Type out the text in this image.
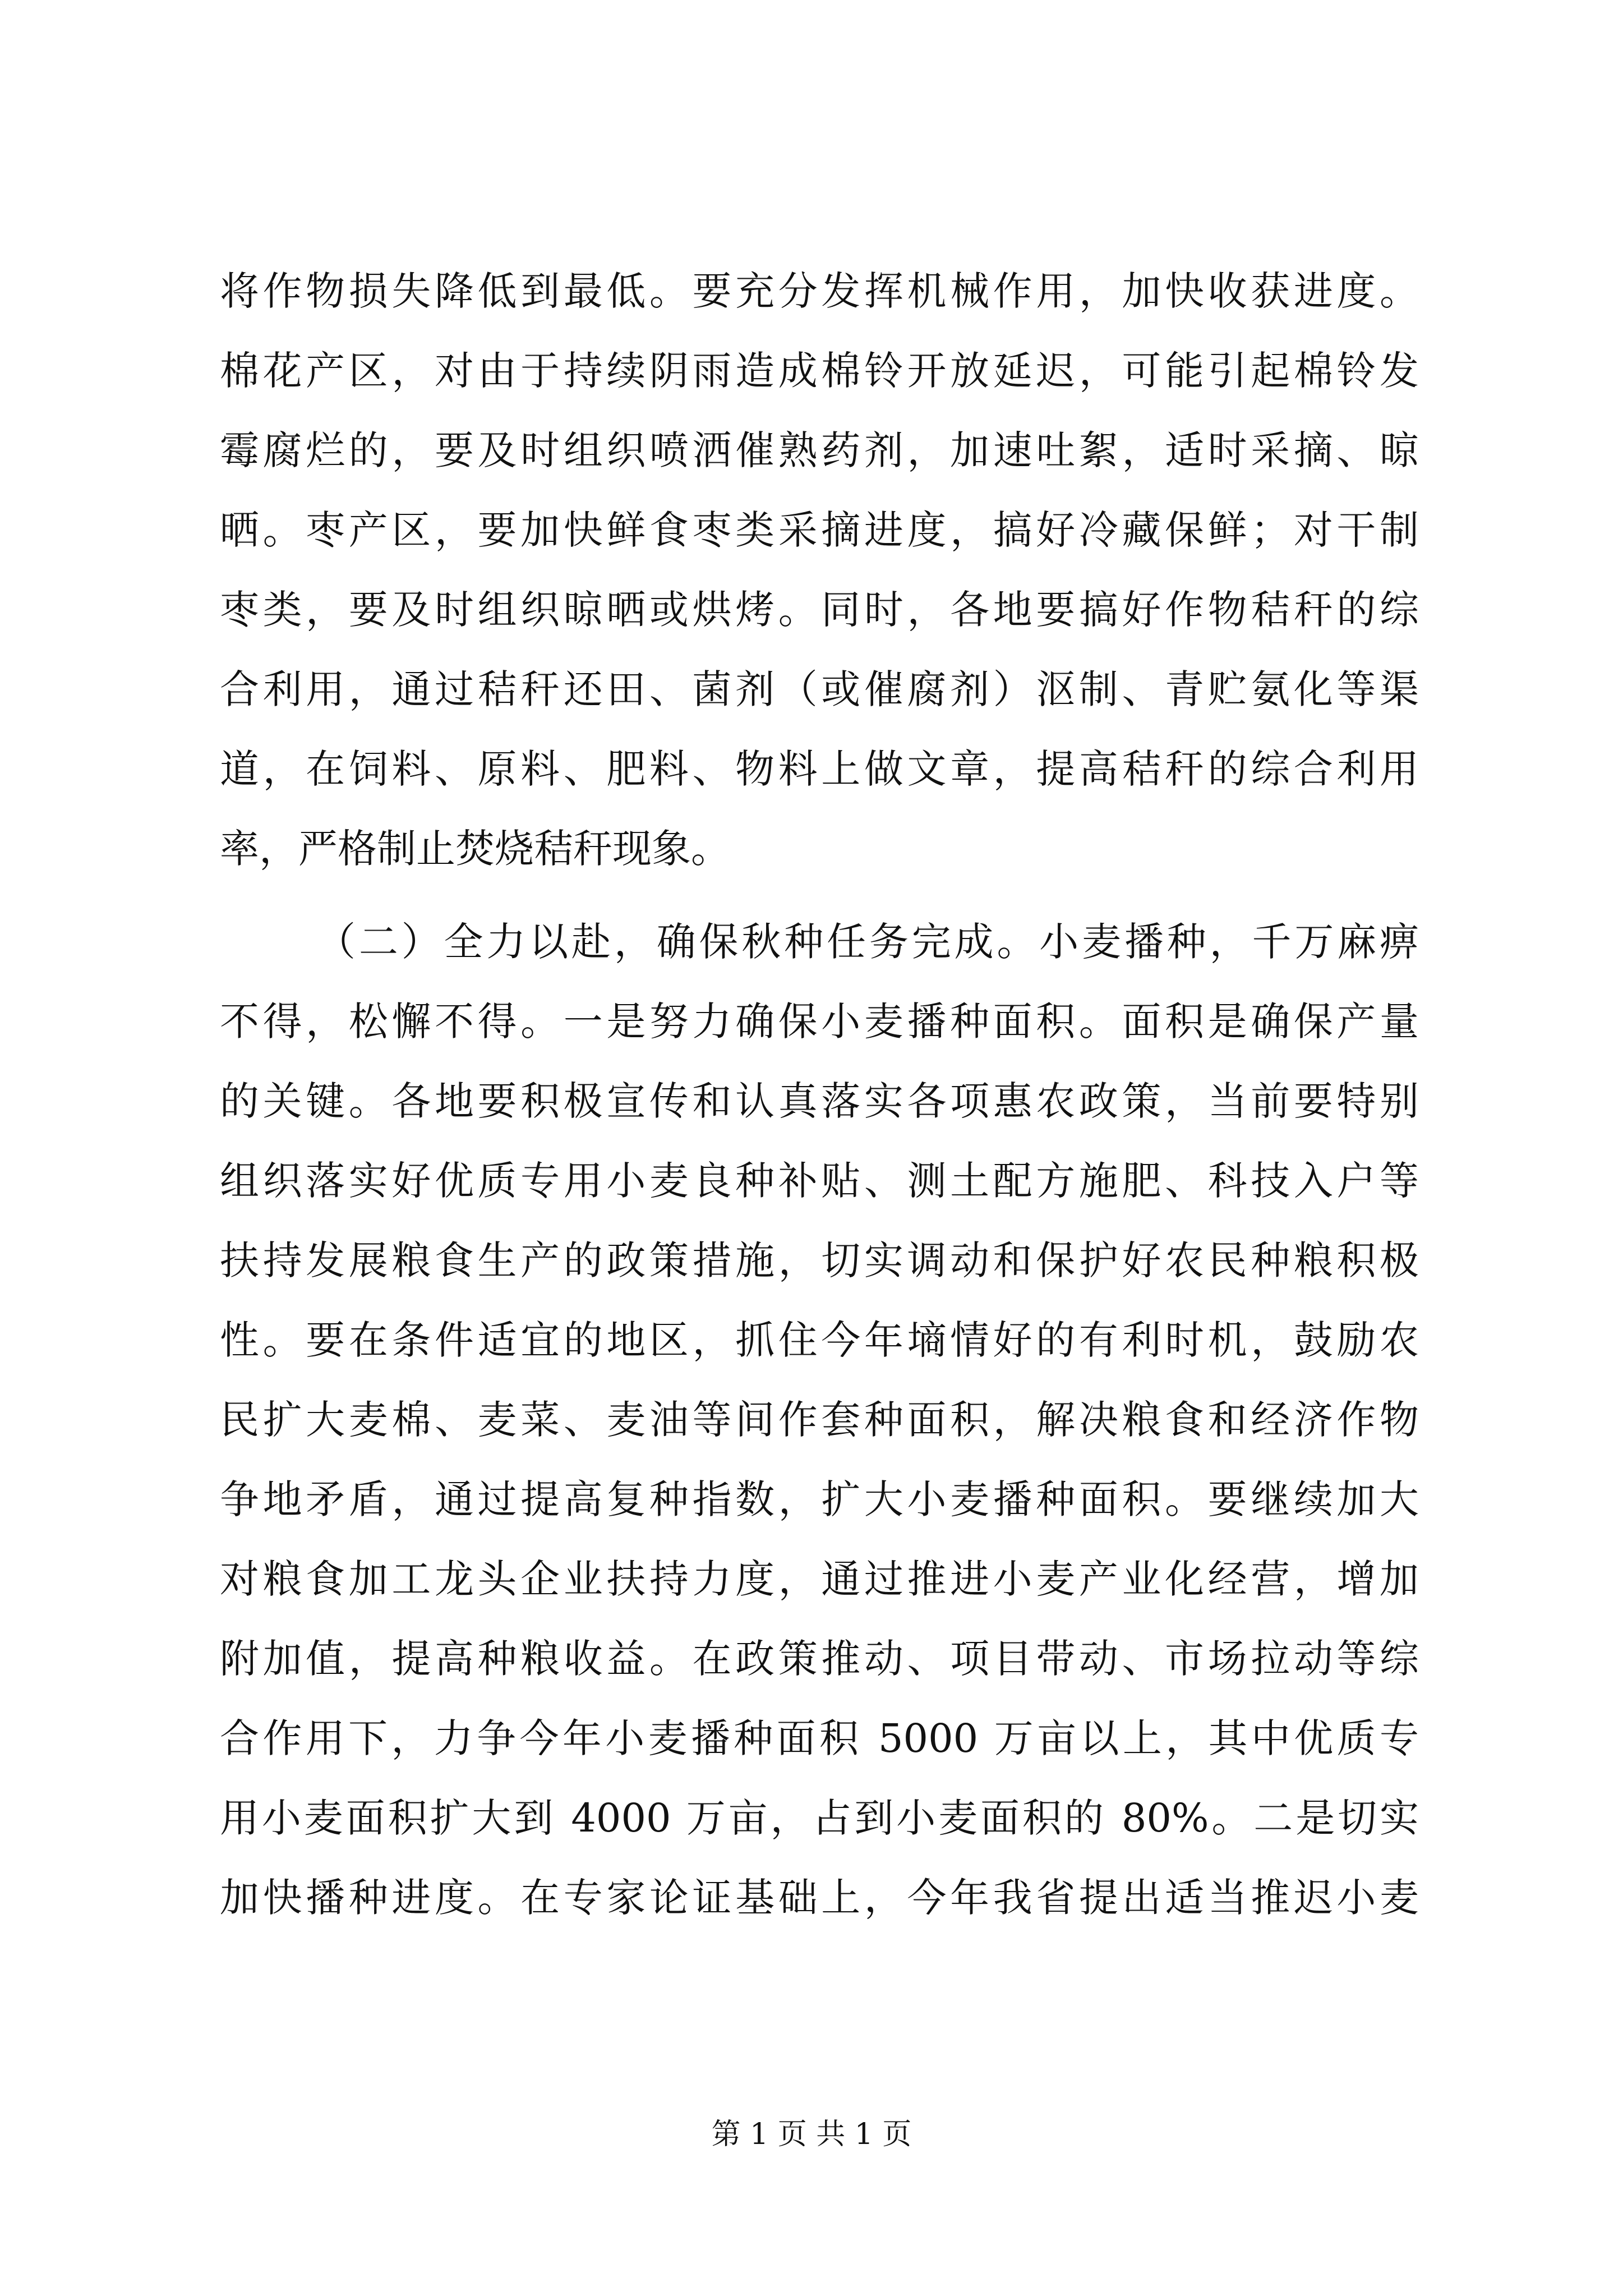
将作物损失降低到最低。要充分发挥机械作用，加快收获进度。
棉花产区，对由于持续阴雨造成棉铃开放延迟，可能引起棉铃发
霉腐烂的，要及时组织喷洒催熟药剂，加速吐絮，适时采摘、晾
晒。枣产区，要加快鲜食枣类采摘进度，搞好冷藏保鲜；对干制
枣类，要及时组织晾晒或烘烤。同时，各地要搞好作物秸秆的综
合利用，通过秸秆还田、菌剂（或催腐剂）沤制、青贮氨化等渠
道，在饲料、原料、肥料、物料上做文章，提高秸秆的综合利用
率，严格制止焚烧秸秆现象。
（二）全力以赴，确保秋种任务完成。小麦播种，千万麻痹
不得，松懈不得。一是努力确保小麦播种面积。面积是确保产量
的关键。各地要积极宣传和认真落实各项惠农政策，当前要特别
组织落实好优质专用小麦良种补贴、测土配方施肥、科技入户等
扶持发展粮食生产的政策措施，切实调动和保护好农民种粮积极
性。要在条件适宜的地区，抓住今年墒情好的有利时机，鼓励农
民扩大麦棉、麦菜、麦油等间作套种面积，解决粮食和经济作物
争地矛盾，通过提高复种指数，扩大小麦播种面积。要继续加大
对粮食加工龙头企业扶持力度，通过推进小麦产业化经营，增加
附加值，提高种粮收益。在政策推动、项目带动、市场拉动等综
合作用下，力争今年小麦播种面积 5000 万亩以上，其中优质专
用小麦面积扩大到 4000 万亩，占到小麦面积的 80%。二是切实
加快播种进度。在专家论证基础上，今年我省提出适当推迟小麦
第 1 页 共 1 页
